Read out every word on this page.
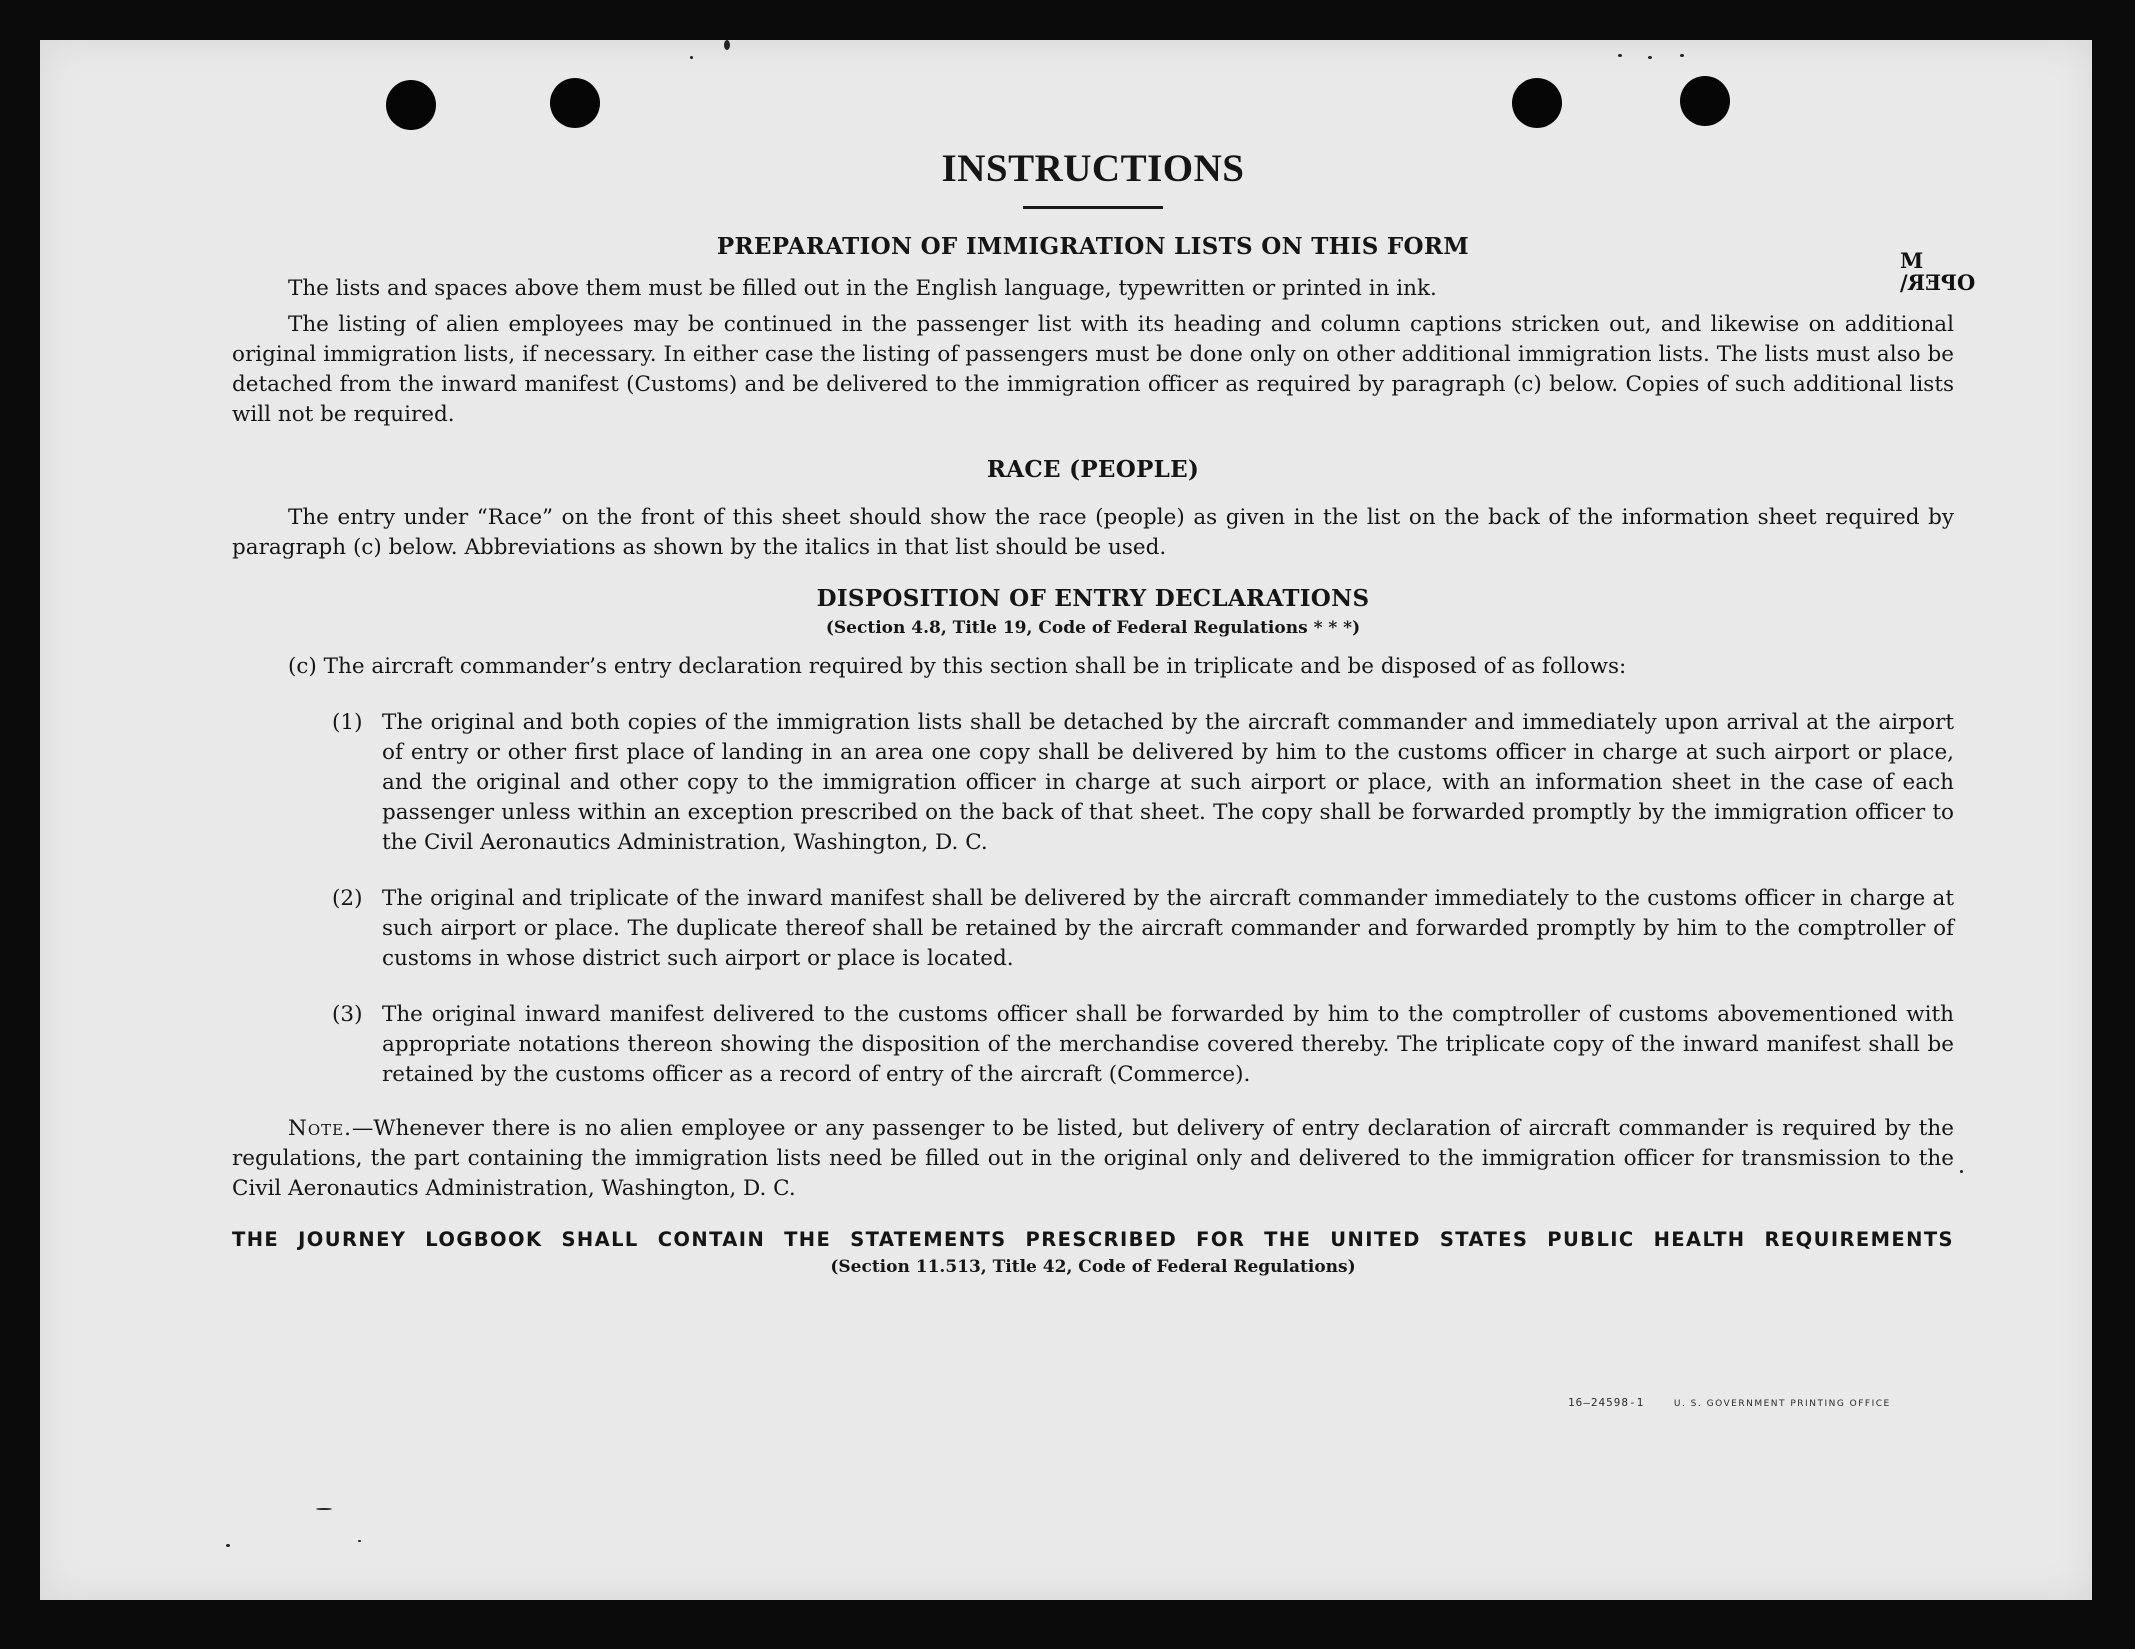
M
OPER\
INSTRUCTIONS
PREPARATION OF IMMIGRATION LISTS ON THIS FORM

The lists and spaces above them must be filled out in the English language, typewritten or printed in ink.

The listing of alien employees may be continued in the passenger list with its heading and column captions stricken out, and likewise on additional original immigration lists, if necessary. In either case the listing of passengers must be done only on other additional immigration lists. The lists must also be detached from the inward manifest (Customs) and be delivered to the immigration officer as required by paragraph (c) below. Copies of such additional lists will not be required.

RACE (PEOPLE)

The entry under “Race” on the front of this sheet should show the race (people) as given in the list on the back of the information sheet required by paragraph (c) below. Abbreviations as shown by the italics in that list should be used.

DISPOSITION OF ENTRY DECLARATIONS
(Section 4.8, Title 19, Code of Federal Regulations * * *)

(c) The aircraft commander’s entry declaration required by this section shall be in triplicate and be disposed of as follows:

(1) The original and both copies of the immigration lists shall be detached by the aircraft commander and immediately upon arrival at the airport of entry or other first place of landing in an area one copy shall be delivered by him to the customs officer in charge at such airport or place, and the original and other copy to the immigration officer in charge at such airport or place, with an information sheet in the case of each passenger unless within an exception prescribed on the back of that sheet. The copy shall be forwarded promptly by the immigration officer to the Civil Aeronautics Administration, Washington, D. C.

(2) The original and triplicate of the inward manifest shall be delivered by the aircraft commander immediately to the customs officer in charge at such airport or place. The duplicate thereof shall be retained by the aircraft commander and forwarded promptly by him to the comptroller of customs in whose district such airport or place is located.

(3) The original inward manifest delivered to the customs officer shall be forwarded by him to the comptroller of customs abovementioned with appropriate notations thereon showing the disposition of the merchandise covered thereby. The triplicate copy of the inward manifest shall be retained by the customs officer as a record of entry of the aircraft (Commerce).

Note.—Whenever there is no alien employee or any passenger to be listed, but delivery of entry declaration of aircraft commander is required by the regulations, the part containing the immigration lists need be filled out in the original only and delivered to the immigration officer for transmission to the Civil Aeronautics Administration, Washington, D. C.

THE JOURNEY LOGBOOK SHALL CONTAIN THE STATEMENTS PRESCRIBED FOR THE UNITED STATES PUBLIC HEALTH REQUIREMENTS
(Section 11.513, Title 42, Code of Federal Regulations)
16—24598-1	U. S. GOVERNMENT PRINTING OFFICE
